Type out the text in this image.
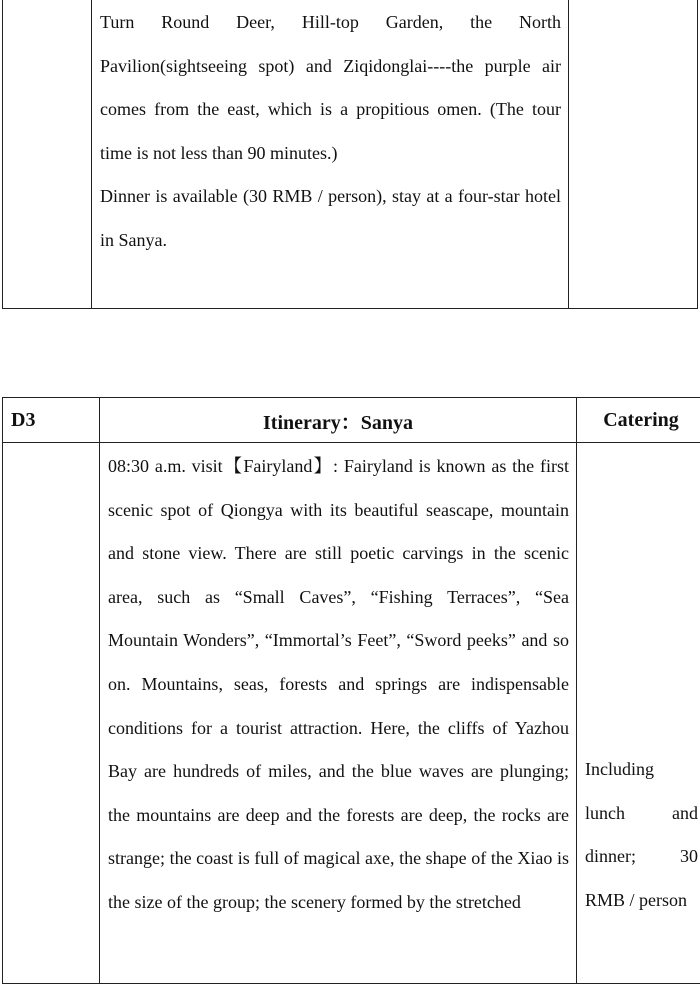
Turn Round Deer, Hill-top Garden, the North Pavilion(sightseeing spot) and Ziqidonglai----the purple air comes from the east, which is a propitious omen. (The tour time is not less than 90 minutes.)

Dinner is available (30 RMB / person), stay at a four-star hotel in Sanya.

D3	Itinerary：Sanya	Catering

	08:30 a.m. visit【Fairyland】: Fairyland is known as the first scenic spot of Qiongya with its beautiful seascape, mountain and stone view. There are still poetic carvings in the scenic area, such as “Small Caves”, “Fishing Terraces”, “Sea Mountain Wonders”, “Immortal’s Feet”, “Sword peeks” and so on. Mountains, seas, forests and springs are indispensable conditions for a tourist attraction. Here, the cliffs of Yazhou Bay are hundreds of miles, and the blue waves are plunging; the mountains are deep and the forests are deep, the rocks are strange; the coast is full of magical axe, the shape of the Xiao is the size of the group; the scenery formed by the stretched	Including lunch and dinner; 30 RMB / person
